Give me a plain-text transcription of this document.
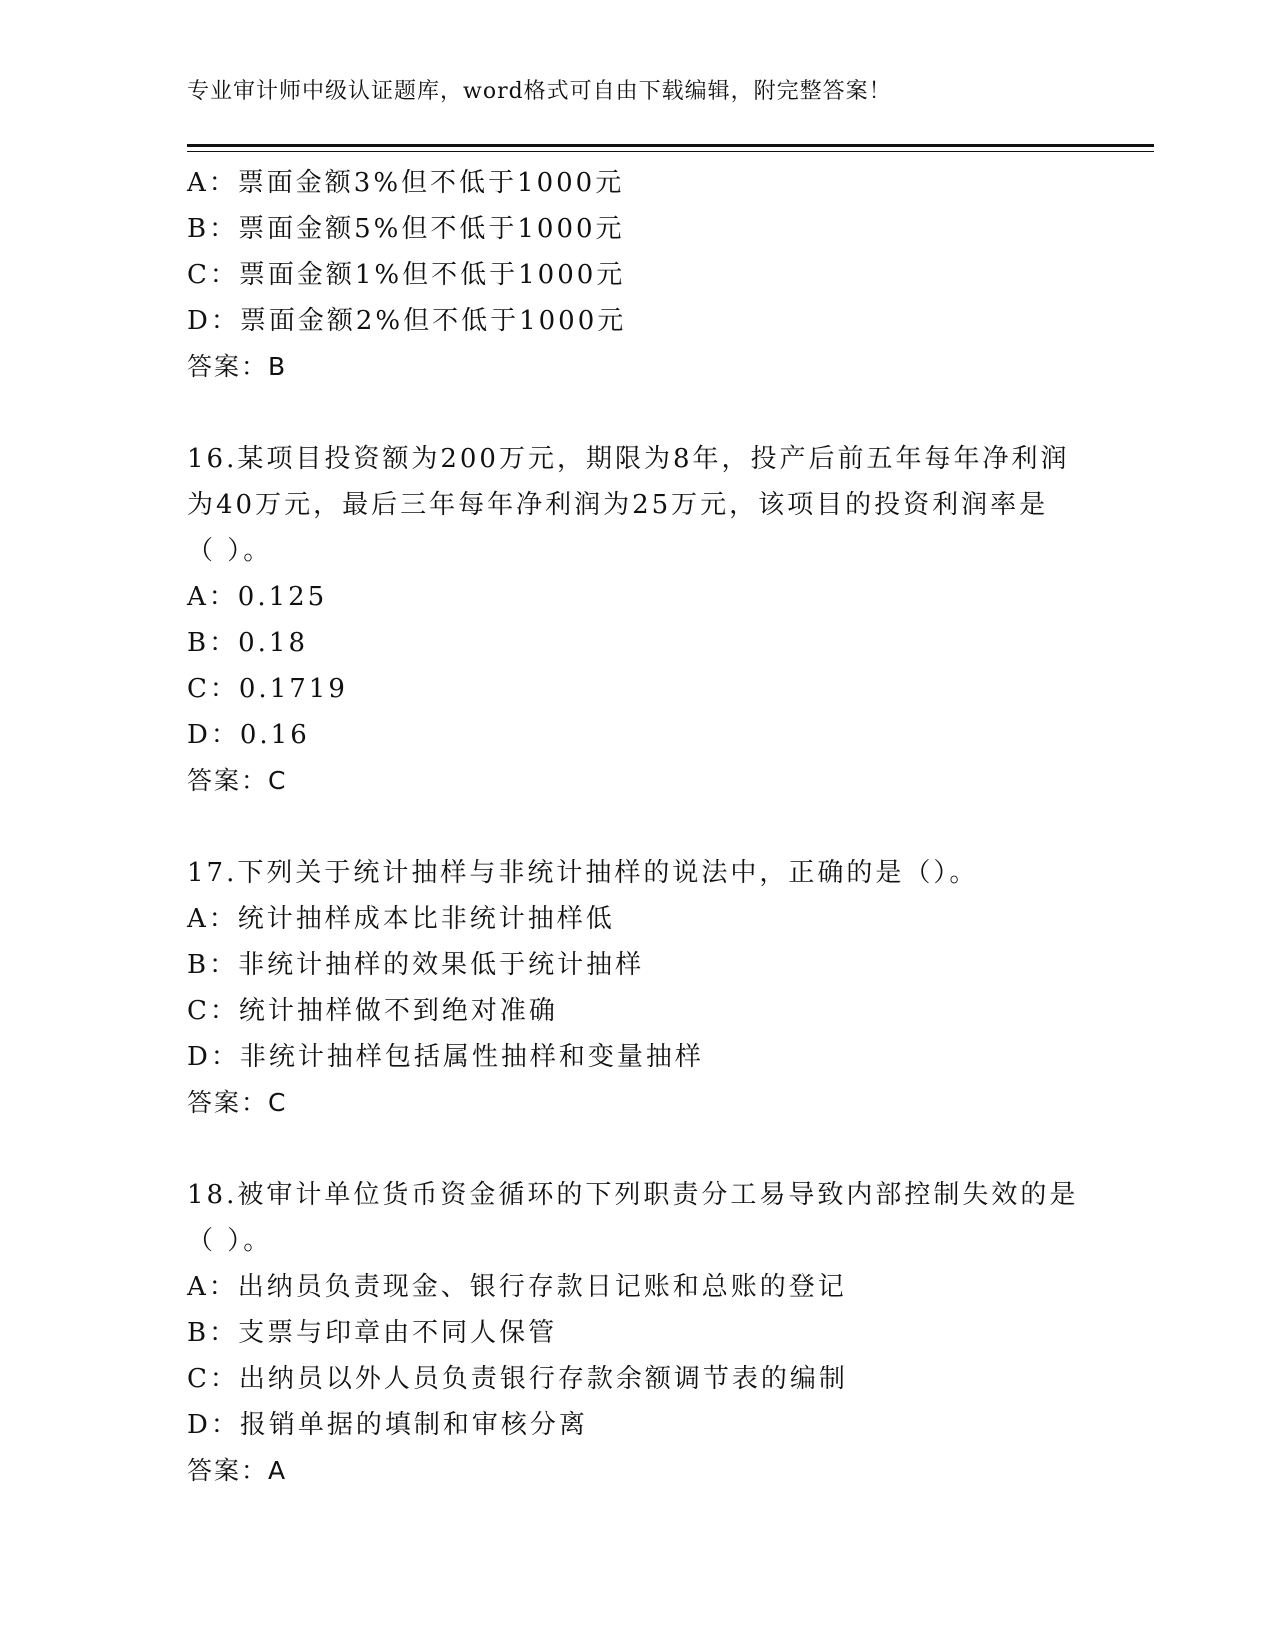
专业审计师中级认证题库，word格式可自由下载编辑，附完整答案！
A：票面金额3%但不低于1000元
B：票面金额5%但不低于1000元
C：票面金额1%但不低于1000元
D：票面金额2%但不低于1000元
答案：B
16.某项目投资额为200万元，期限为8年，投产后前五年每年净利润
为40万元，最后三年每年净利润为25万元，该项目的投资利润率是
（ ）。
A：0.125
B：0.18
C：0.1719
D：0.16
答案：C
17.下列关于统计抽样与非统计抽样的说法中，正确的是（）。
A：统计抽样成本比非统计抽样低
B：非统计抽样的效果低于统计抽样
C：统计抽样做不到绝对准确
D：非统计抽样包括属性抽样和变量抽样
答案：C
18.被审计单位货币资金循环的下列职责分工易导致内部控制失效的是
（ ）。
A：出纳员负责现金、银行存款日记账和总账的登记
B：支票与印章由不同人保管
C：出纳员以外人员负责银行存款余额调节表的编制
D：报销单据的填制和审核分离
答案：A
